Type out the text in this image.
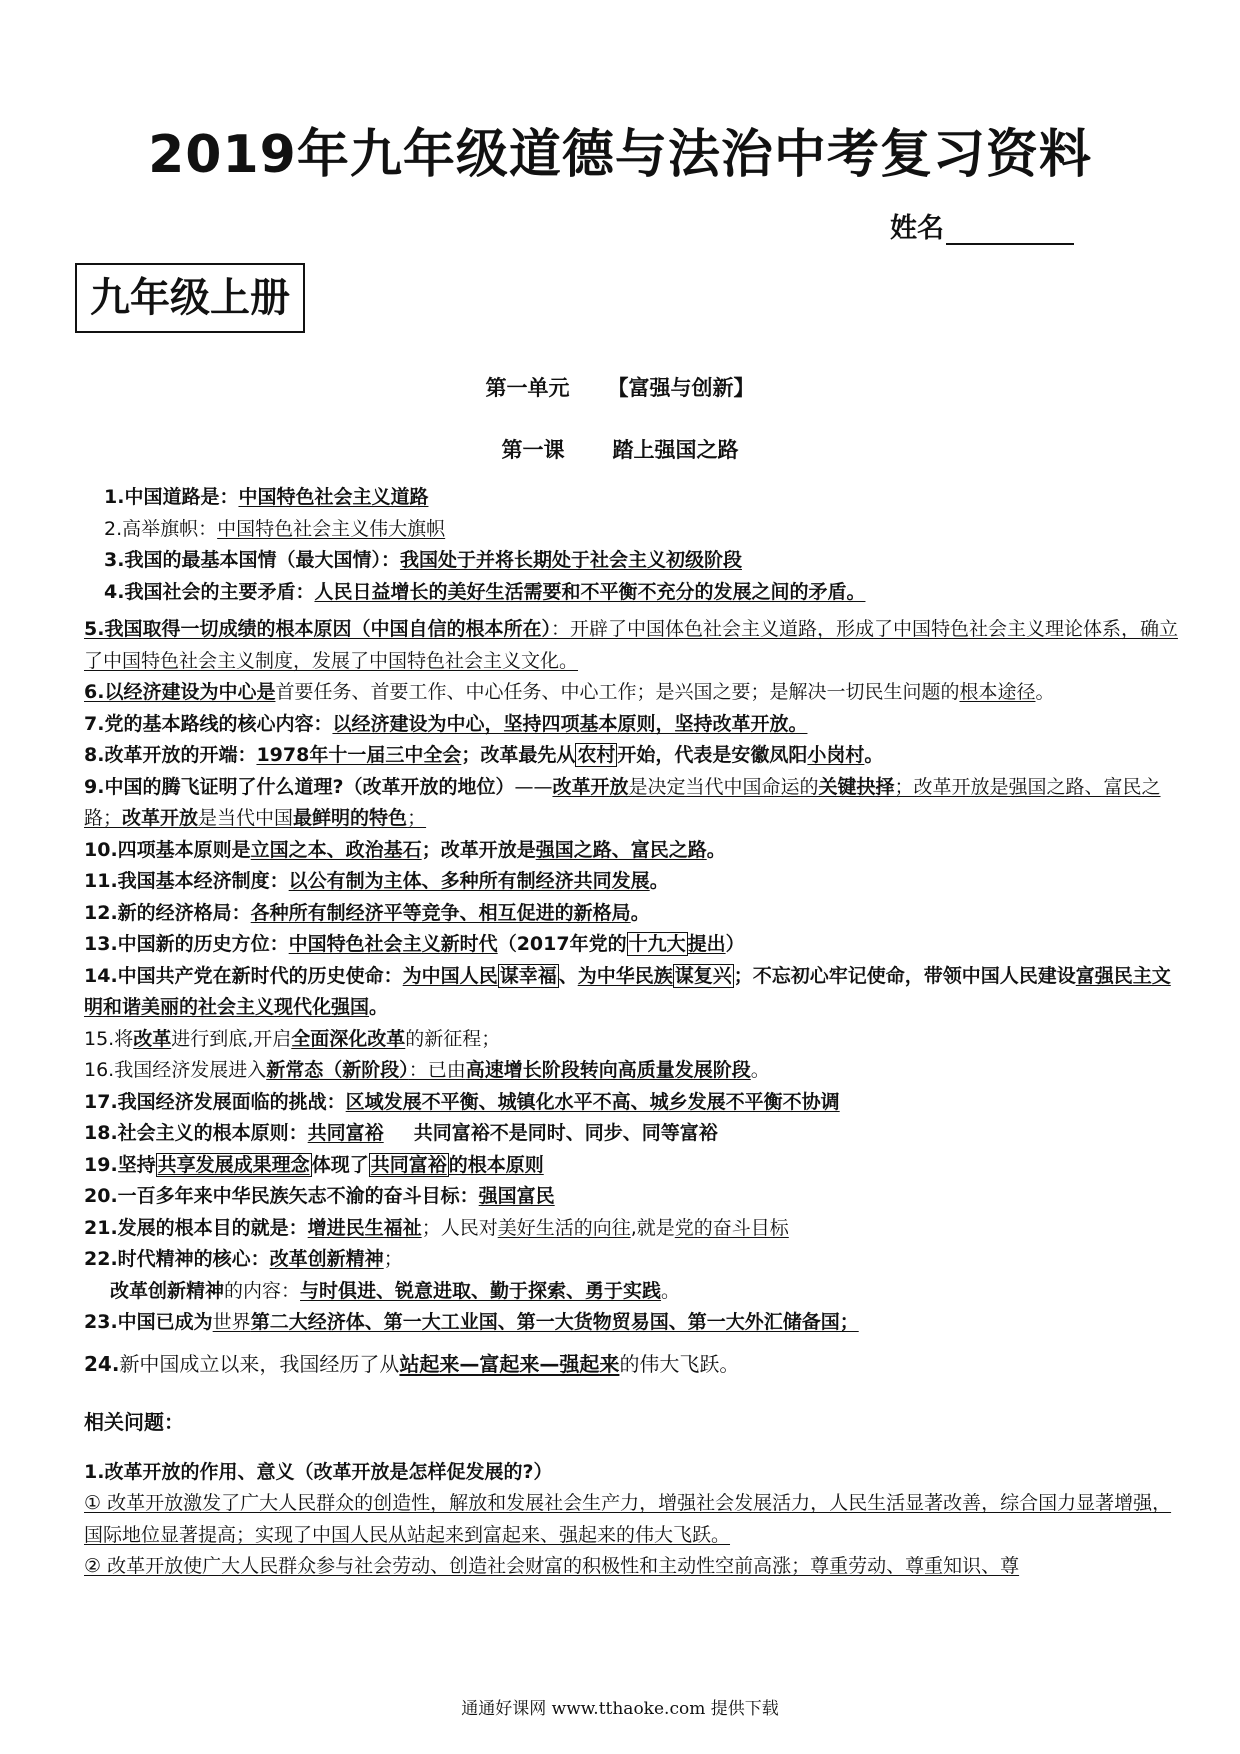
2019年九年级道德与法治中考复习资料
姓名
九年级上册
第一单元 【富强与创新】
第一课 踏上强国之路
1.中国道路是：中国特色社会主义道路
2.高举旗帜：中国特色社会主义伟大旗帜
3.我国的最基本国情（最大国情）：我国处于并将长期处于社会主义初级阶段
4.我国社会的主要矛盾：人民日益增长的美好生活需要和不平衡不充分的发展之间的矛盾。
5.我国取得一切成绩的根本原因（中国自信的根本所在）：开辟了中国体色社会主义道路，形成了中国特色社会主义理论体系，确立了中国特色社会主义制度，发展了中国特色社会主义文化。
6.以经济建设为中心是首要任务、首要工作、中心任务、中心工作；是兴国之要；是解决一切民生问题的根本途径。
7.党的基本路线的核心内容：以经济建设为中心，坚持四项基本原则，坚持改革开放。
8.改革开放的开端：1978年十一届三中全会；改革最先从 农村 开始，代表是安徽凤阳小岗村。
9.中国的腾飞证明了什么道理?（改革开放的地位）——改革开放是决定当代中国命运的关键抉择；改革开放是强国之路、富民之路；改革开放是当代中国最鲜明的特色；
10.四项基本原则是立国之本、政治基石；改革开放是强国之路、富民之路。
11.我国基本经济制度：以公有制为主体、多种所有制经济共同发展。
12.新的经济格局：各种所有制经济平等竞争、相互促进的新格局。
13.中国新的历史方位：中国特色社会主义新时代（2017年党的 十九大 提出）
14.中国共产党在新时代的历史使命：为中国人民 谋幸福 、为中华民族 谋复兴 ；不忘初心牢记使命，带领中国人民建设富强民主文明和谐美丽的社会主义现代化强国。
15.将改革进行到底,开启全面深化改革的新征程；
16.我国经济发展进入新常态（新阶段）：已由高速增长阶段转向高质量发展阶段。
17.我国经济发展面临的挑战：区域发展不平衡、城镇化水平不高、城乡发展不平衡不协调
18.社会主义的根本原则：共同富裕 共同富裕不是同时、同步、同等富裕
19.坚持 共享发展成果理念 体现了 共同富裕 的根本原则
20.一百多年来中华民族矢志不渝的奋斗目标：强国富民
21.发展的根本目的就是：增进民生福祉；人民对美好生活的向往,就是党的奋斗目标
22.时代精神的核心：改革创新精神；
改革创新精神的内容：与时俱进、锐意进取、勤于探索、勇于实践。
23.中国已成为世界第二大经济体、第一大工业国、第一大货物贸易国、第一大外汇储备国；
24.新中国成立以来，我国经历了从站起来—富起来—强起来的伟大飞跃。
相关问题：
1.改革开放的作用、意义（改革开放是怎样促发展的?）
① 改革开放激发了广大人民群众的创造性，解放和发展社会生产力，增强社会发展活力，人民生活显著改善，综合国力显著增强，国际地位显著提高；实现了中国人民从站起来到富起来、强起来的伟大飞跃。
② 改革开放使广大人民群众参与社会劳动、创造社会财富的积极性和主动性空前高涨；尊重劳动、尊重知识、尊
通通好课网 www.tthaoke.com 提供下载
